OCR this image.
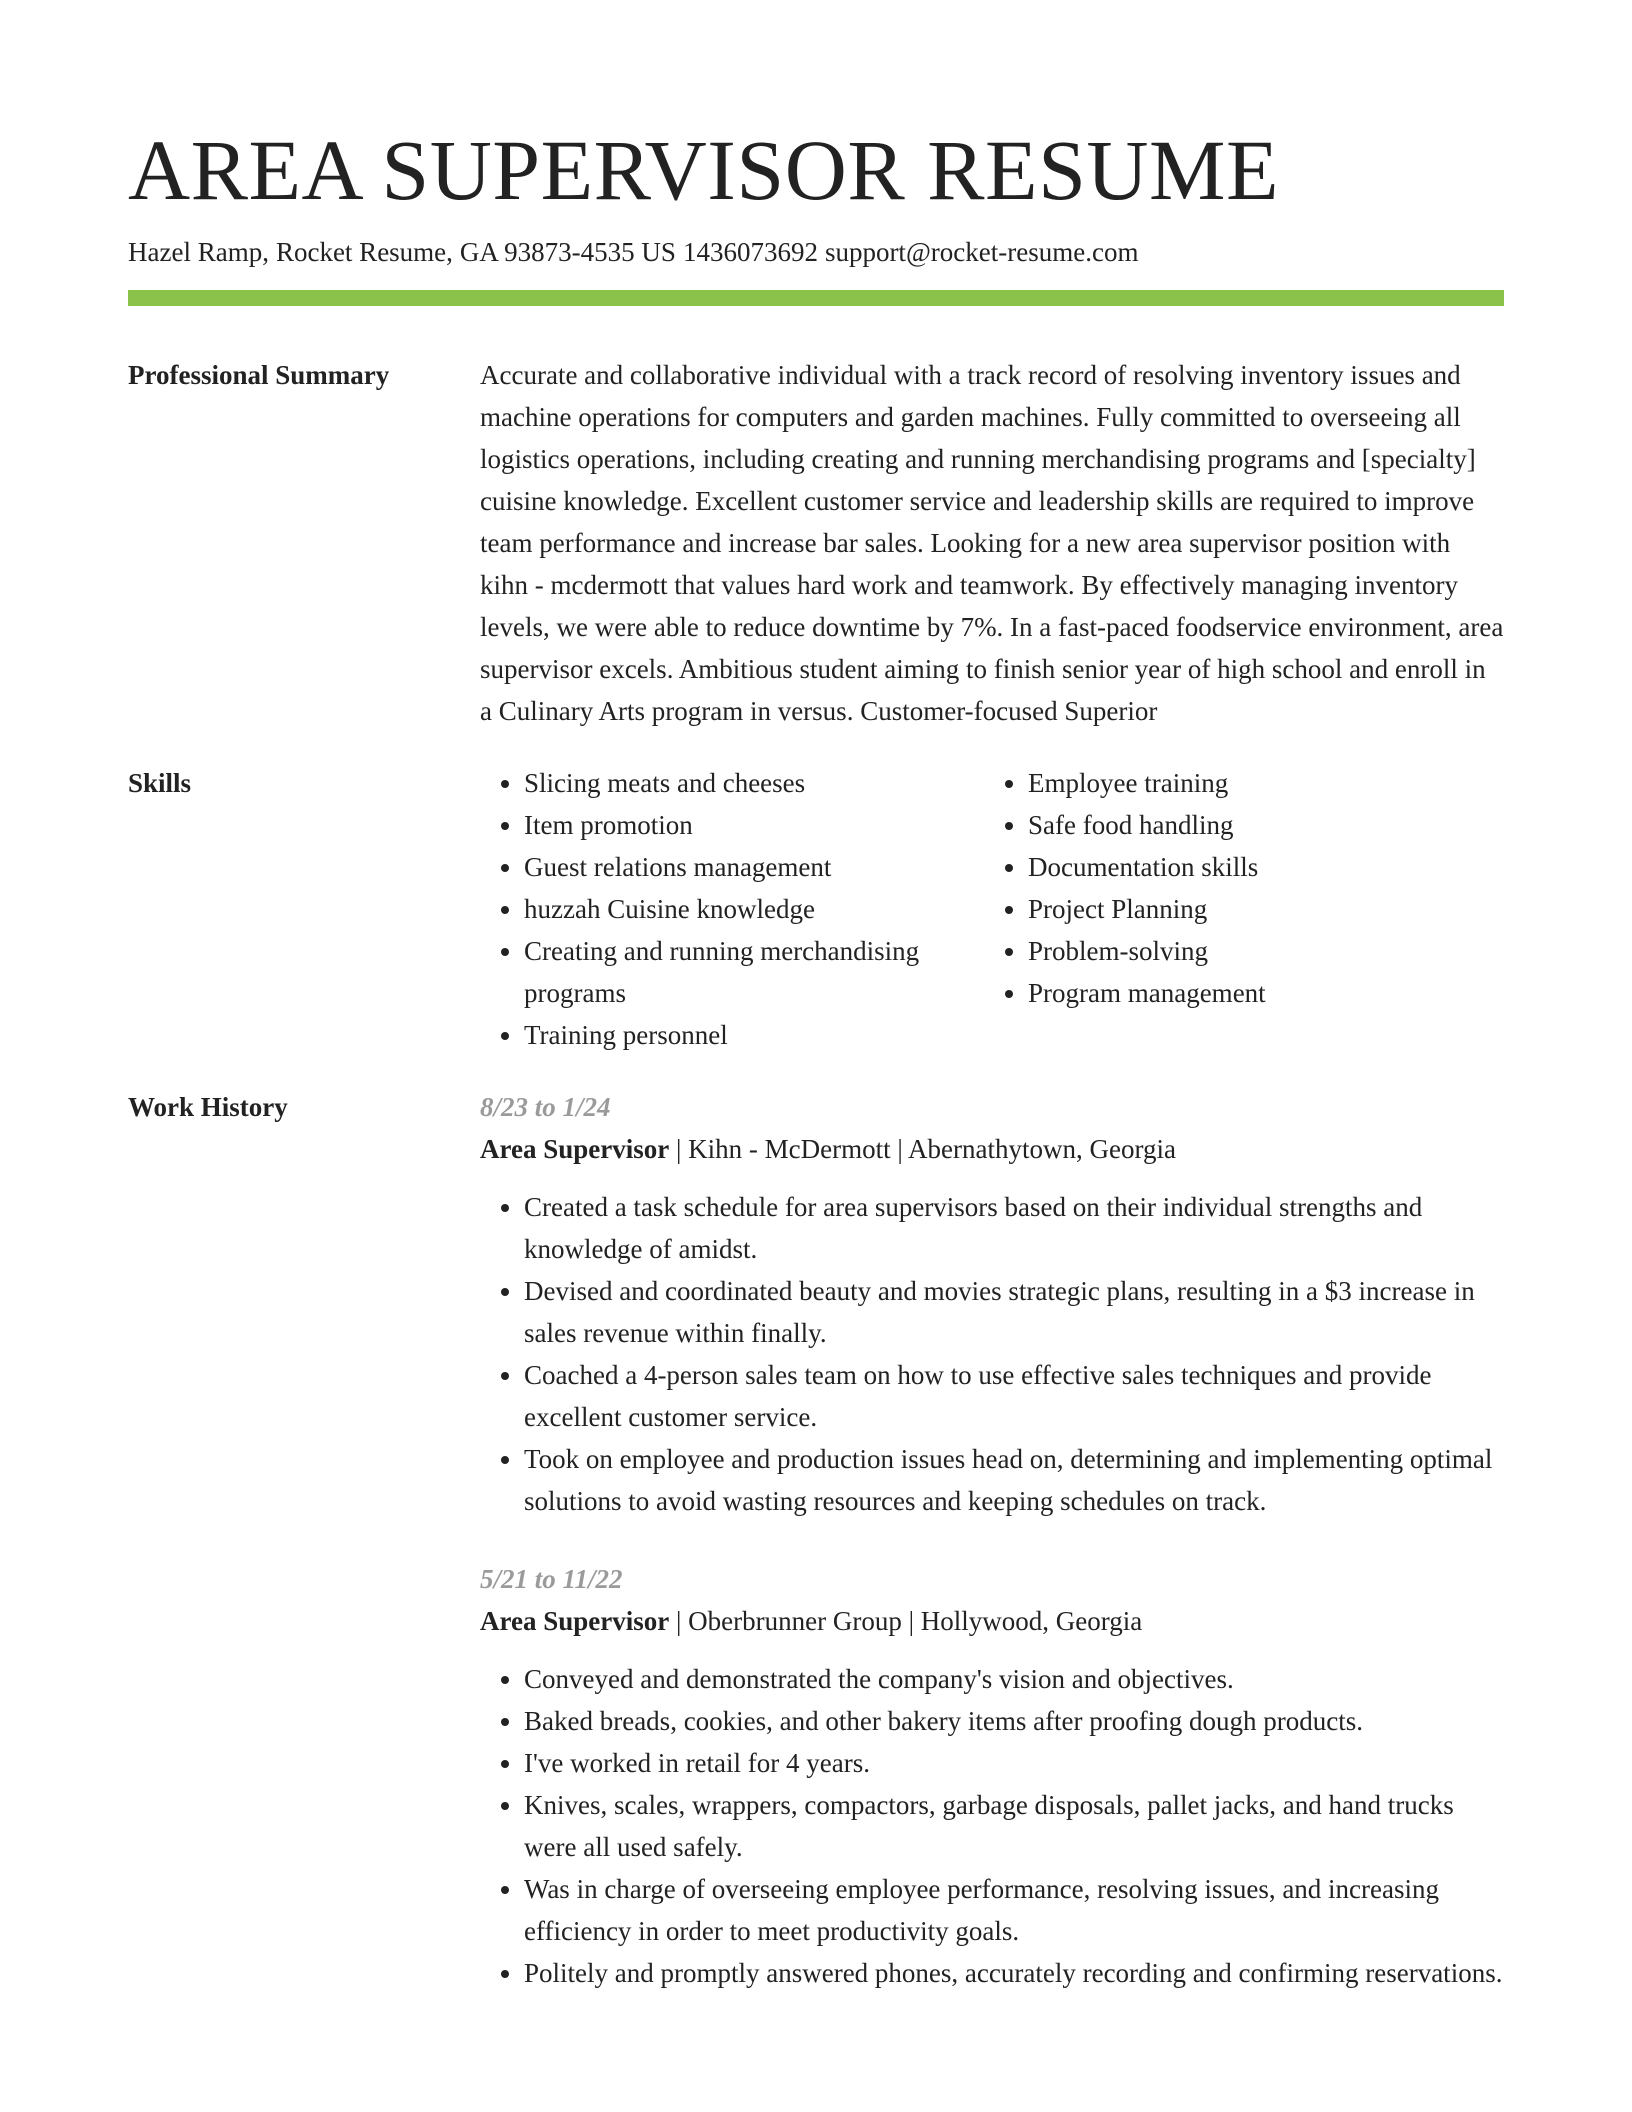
AREA SUPERVISOR RESUME
Hazel Ramp, Rocket Resume, GA 93873-4535 US 1436073692 support@rocket-resume.com
Professional Summary	Accurate and collaborative individual with a track record of resolving inventory issues and machine operations for computers and garden machines. Fully committed to overseeing all logistics operations, including creating and running merchandising programs and [specialty] cuisine knowledge. Excellent customer service and leadership skills are required to improve team performance and increase bar sales. Looking for a new area supervisor position with kihn - mcdermott that values hard work and teamwork. By effectively managing inventory levels, we were able to reduce downtime by 7%. In a fast-paced foodservice environment, area supervisor excels. Ambitious student aiming to finish senior year of high school and enroll in a Culinary Arts program in versus. Customer-focused Superior

Skills
•	Slicing meats and cheeses
• Item promotion
• Guest relations management
• huzzah Cuisine knowledge
• Creating and running merchandising programs
• Training personnel
• Employee training
• Safe food handling
• Documentation skills
• Project Planning
• Problem-solving
• Program management
Work History	8/23 to 1/24
Area Supervisor | Kihn - McDermott | Abernathytown, Georgia
• Created a task schedule for area supervisors based on their individual strengths and knowledge of amidst.
• Devised and coordinated beauty and movies strategic plans, resulting in a $3 increase in sales revenue within finally.
• Coached a 4-person sales team on how to use effective sales techniques and provide excellent customer service.
• Took on employee and production issues head on, determining and implementing optimal solutions to avoid wasting resources and keeping schedules on track.
5/21 to 11/22
Area Supervisor | Oberbrunner Group | Hollywood, Georgia
• Conveyed and demonstrated the company's vision and objectives.
• Baked breads, cookies, and other bakery items after proofing dough products.
• I've worked in retail for 4 years.
• Knives, scales, wrappers, compactors, garbage disposals, pallet jacks, and hand trucks were all used safely.
• Was in charge of overseeing employee performance, resolving issues, and increasing efficiency in order to meet productivity goals.
• Politely and promptly answered phones, accurately recording and confirming reservations.
